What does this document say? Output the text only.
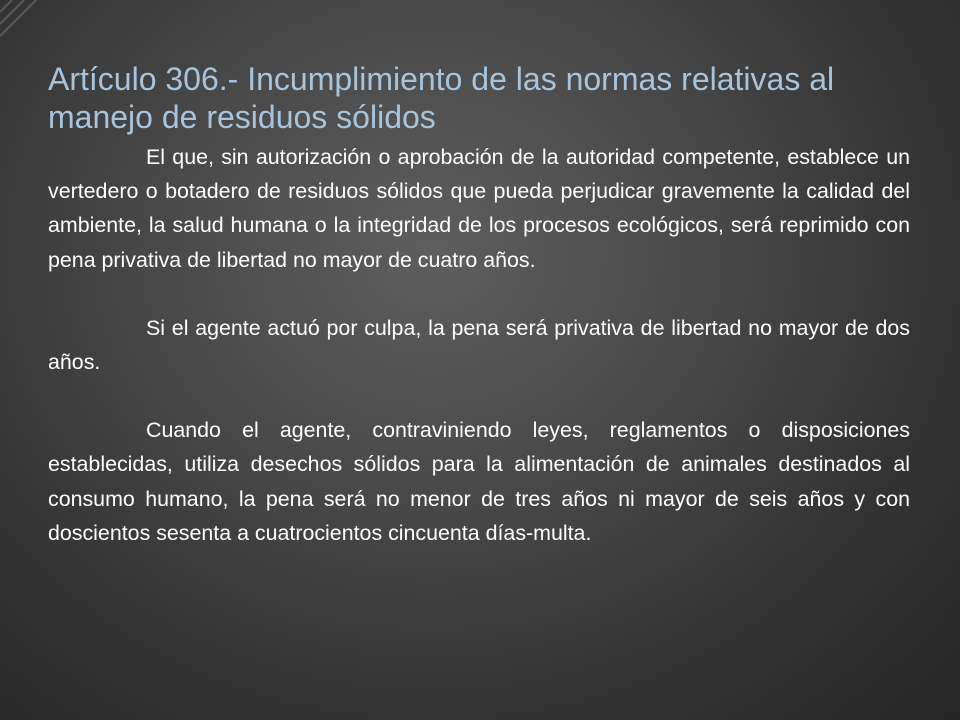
Artículo 306.- Incumplimiento de las normas relativas al manejo de residuos sólidos

El que, sin autorización o aprobación de la autoridad competente, establece un vertedero o botadero de residuos sólidos que pueda perjudicar gravemente la calidad del ambiente, la salud humana o la integridad de los procesos ecológicos, será reprimido con pena privativa de libertad no mayor de cuatro años.

Si el agente actuó por culpa, la pena será privativa de libertad no mayor de dos años.

Cuando el agente, contraviniendo leyes, reglamentos o disposiciones establecidas, utiliza desechos sólidos para la alimentación de animales destinados al consumo humano, la pena será no menor de tres años ni mayor de seis años y con doscientos sesenta a cuatrocientos cincuenta días-multa.
